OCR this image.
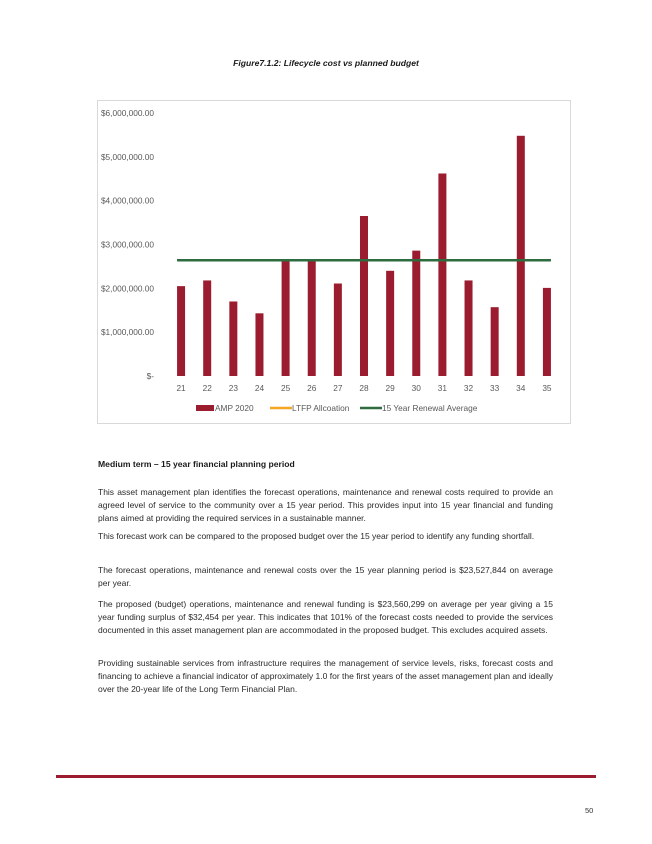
Figure7.1.2: Lifecycle cost vs planned budget
$-
$1,000,000.00
$2,000,000.00
$3,000,000.00
$4,000,000.00
$5,000,000.00
$6,000,000.00
21 22 23 24 25 26 27 28 29 30 31 32 33 34 35
AMP 2020	LTFP Allcoation	15 Year Renewal Average
Medium term – 15 year financial planning period

This asset management plan identifies the forecast operations, maintenance and renewal costs required to provide an agreed level of service to the community over a 15 year period. This provides input into 15 year financial and funding plans aimed at providing the required services in a sustainable manner.

This forecast work can be compared to the proposed budget over the 15 year period to identify any funding shortfall.

The forecast operations, maintenance and renewal costs over the 15 year planning period is $23,527,844 on average per year.

The proposed (budget) operations, maintenance and renewal funding is $23,560,299 on average per year giving a 15 year funding surplus of $32,454 per year. This indicates that 101% of the forecast costs needed to provide the services documented in this asset management plan are accommodated in the proposed budget. This excludes acquired assets.

Providing sustainable services from infrastructure requires the management of service levels, risks, forecast costs and financing to achieve a financial indicator of approximately 1.0 for the first years of the asset management plan and ideally over the 20-year life of the Long Term Financial Plan.

50
